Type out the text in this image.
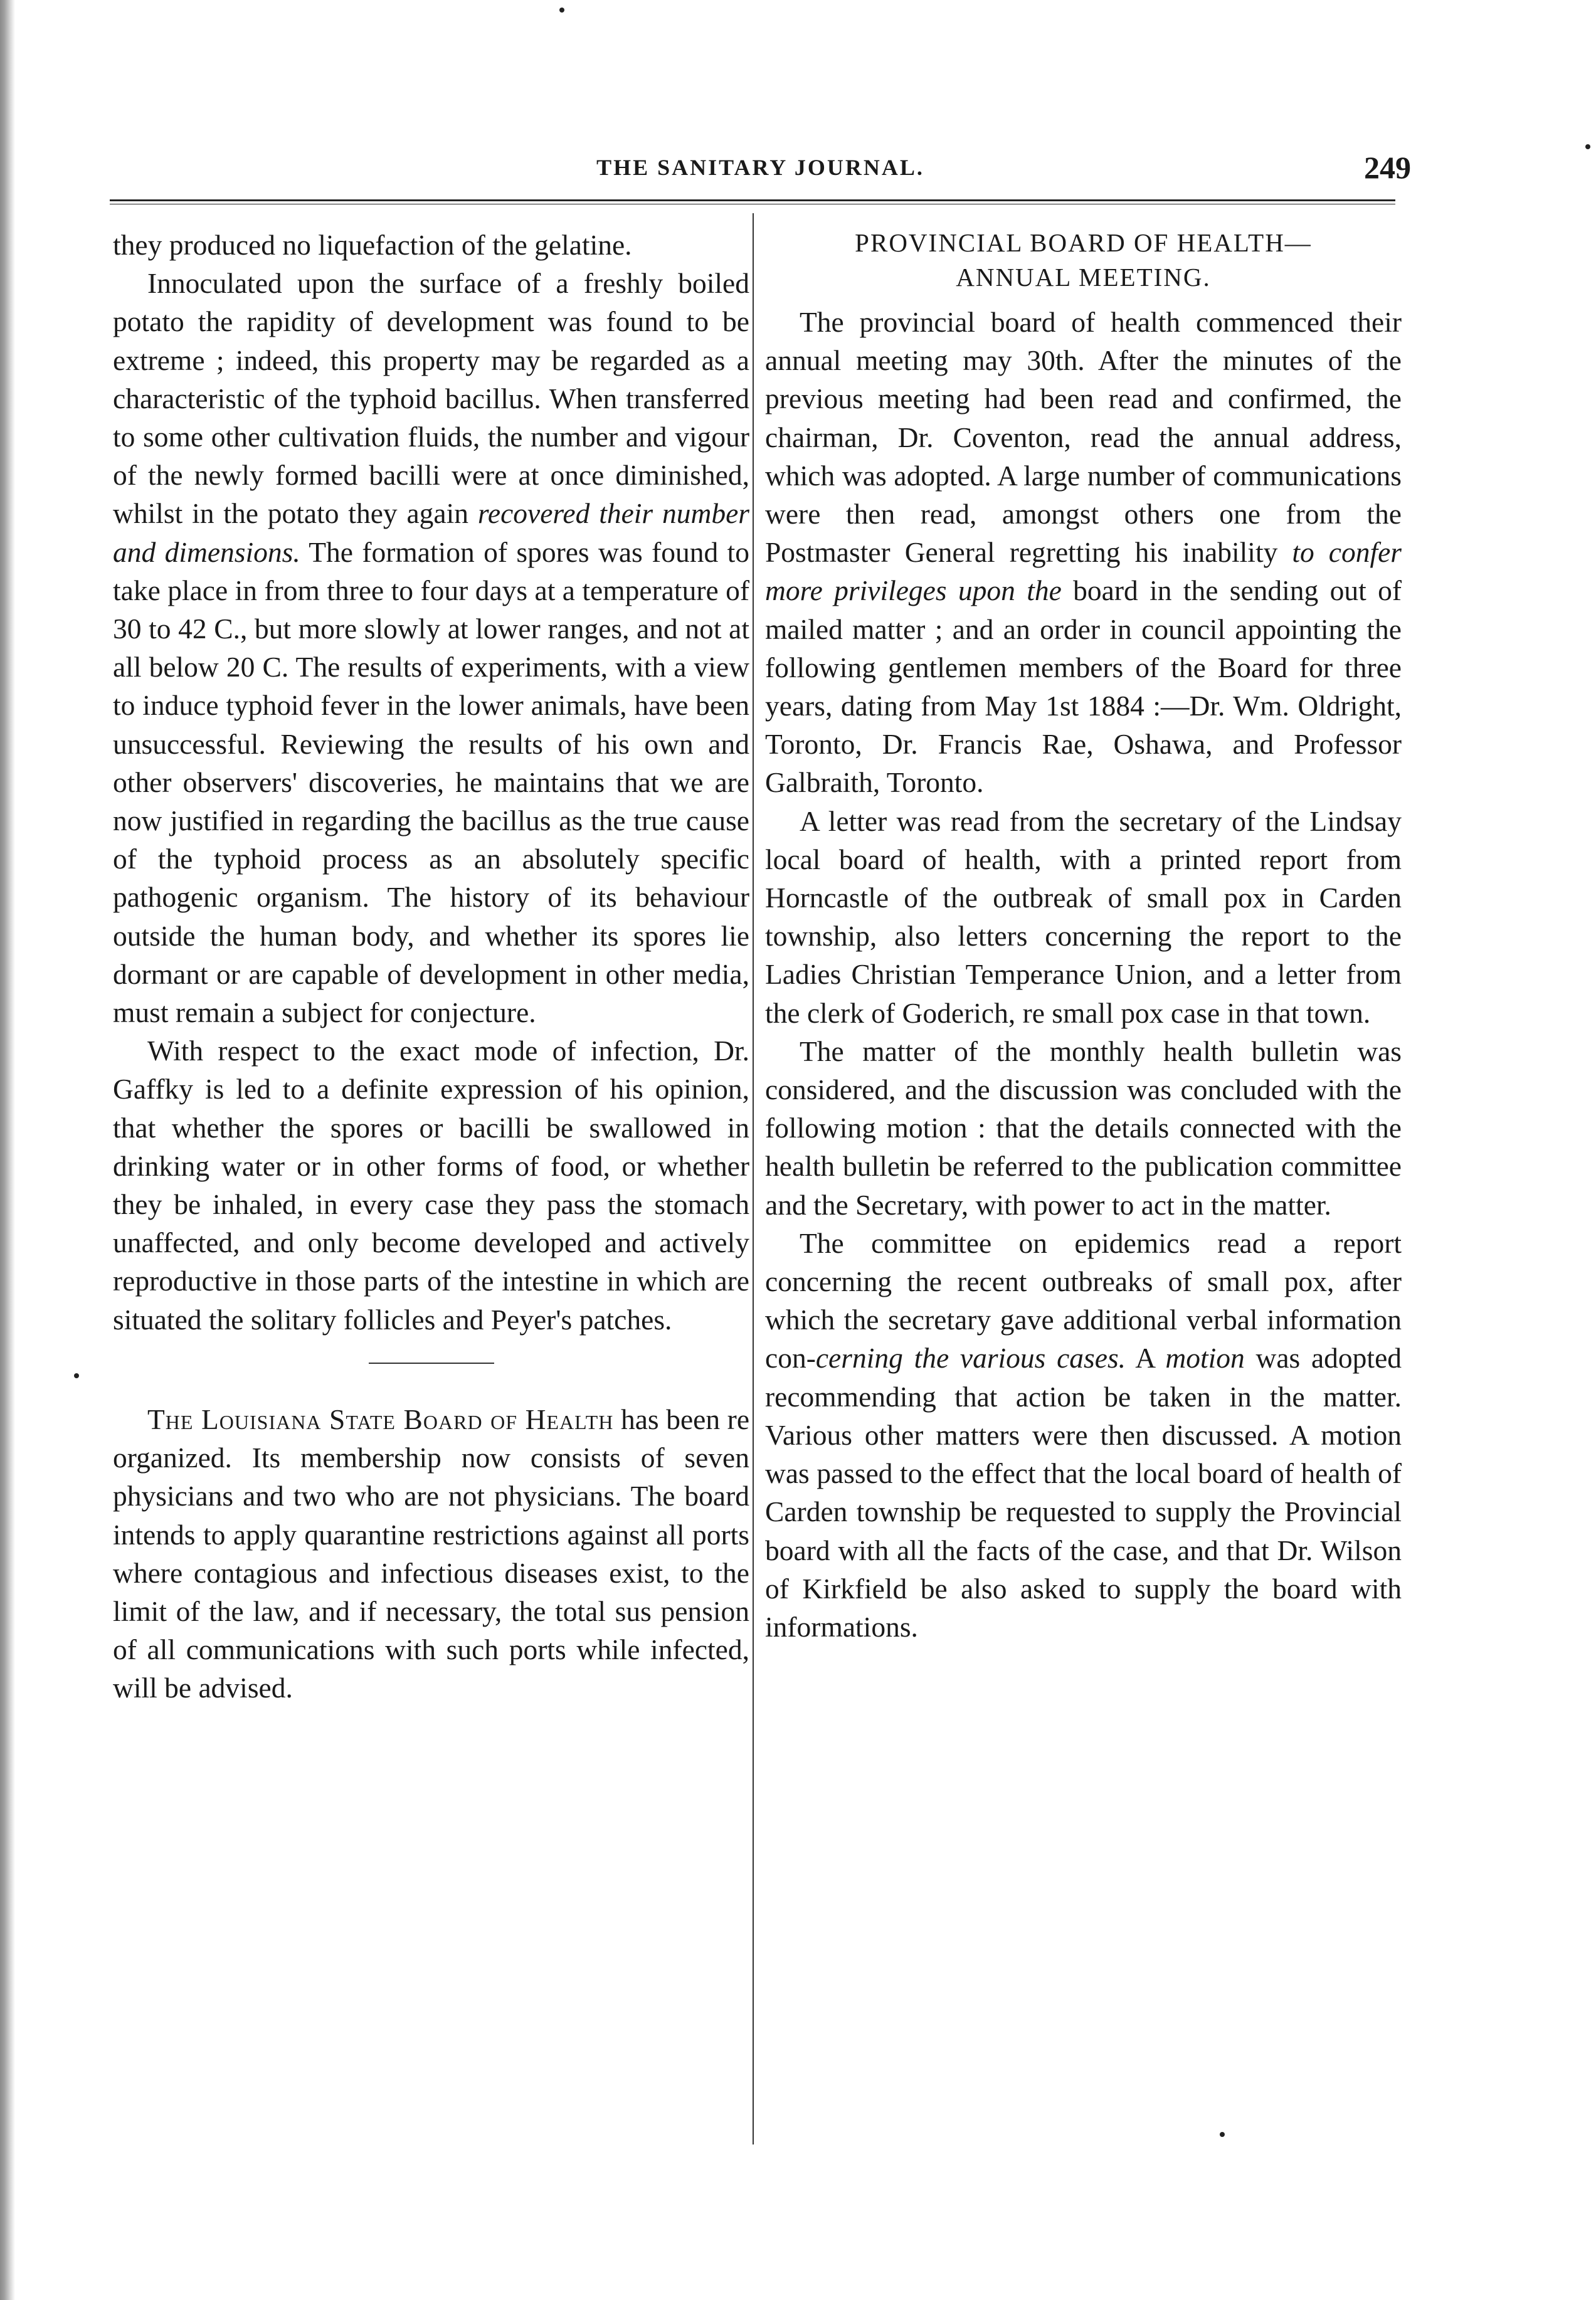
THE SANITARY JOURNAL.	249

they produced no liquefaction of the gelatine.

Innoculated upon the surface of a freshly boiled potato the rapidity of development was found to be extreme ; indeed, this property may be regarded as a characteristic of the typhoid bacillus. When transferred to some other cultivation fluids, the number and vigour of the newly formed bacilli were at once diminished, whilst in the potato they again recovered their number and dimensions. The formation of spores was found to take place in from three to four days at a temperature of 30 to 42 C., but more slowly at lower ranges, and not at all below 20 C. The results of experiments, with a view to induce typhoid fever in the lower animals, have been unsuccessful. Reviewing the results of his own and other observers' discoveries, he maintains that we are now justified in regarding the bacillus as the true cause of the typhoid process as an absolutely specific pathogenic organism. The history of its behaviour outside the human body, and whether its spores lie dormant or are capable of development in other media, must remain a subject for conjecture.

With respect to the exact mode of infection, Dr. Gaffky is led to a definite expression of his opinion, that whether the spores or bacilli be swallowed in drinking water or in other forms of food, or whether they be inhaled, in every case they pass the stomach unaffected, and only become developed and actively reproductive in those parts of the intestine in which are situated the solitary follicles and Peyer's patches.

The Louisiana State Board of Health has been re organized. Its membership now consists of seven physicians and two who are not physicians. The board intends to apply quarantine restrictions against all ports where contagious and infectious diseases exist, to the limit of the law, and if necessary, the total sus pension of all communications with such ports while infected, will be advised.

PROVINCIAL BOARD OF HEALTH—
ANNUAL MEETING.

The provincial board of health commenced their annual meeting may 30th. After the minutes of the previous meeting had been read and confirmed, the chairman, Dr. Coventon, read the annual address, which was adopted. A large number of communications were then read, amongst others one from the Postmaster General regretting his inability to confer more privileges upon the board in the sending out of mailed matter ; and an order in council appointing the following gentlemen members of the Board for three years, dating from May 1st 1884 :—Dr. Wm. Oldright, Toronto, Dr. Francis Rae, Oshawa, and Professor Galbraith, Toronto.

A letter was read from the secretary of the Lindsay local board of health, with a printed report from Horncastle of the outbreak of small pox in Carden township, also letters concerning the report to the Ladies Christian Temperance Union, and a letter from the clerk of Goderich, re small pox case in that town.

The matter of the monthly health bulletin was considered, and the discussion was concluded with the following motion : that the details connected with the health bulletin be referred to the publication committee and the Secretary, with power to act in the matter.

The committee on epidemics read a report concerning the recent outbreaks of small pox, after which the secretary gave additional verbal information con-cerning the various cases. A motion was adopted recommending that action be taken in the matter. Various other matters were then discussed. A motion was passed to the effect that the local board of health of Carden township be requested to supply the Provincial board with all the facts of the case, and that Dr. Wilson of Kirkfield be also asked to supply the board with informations.
